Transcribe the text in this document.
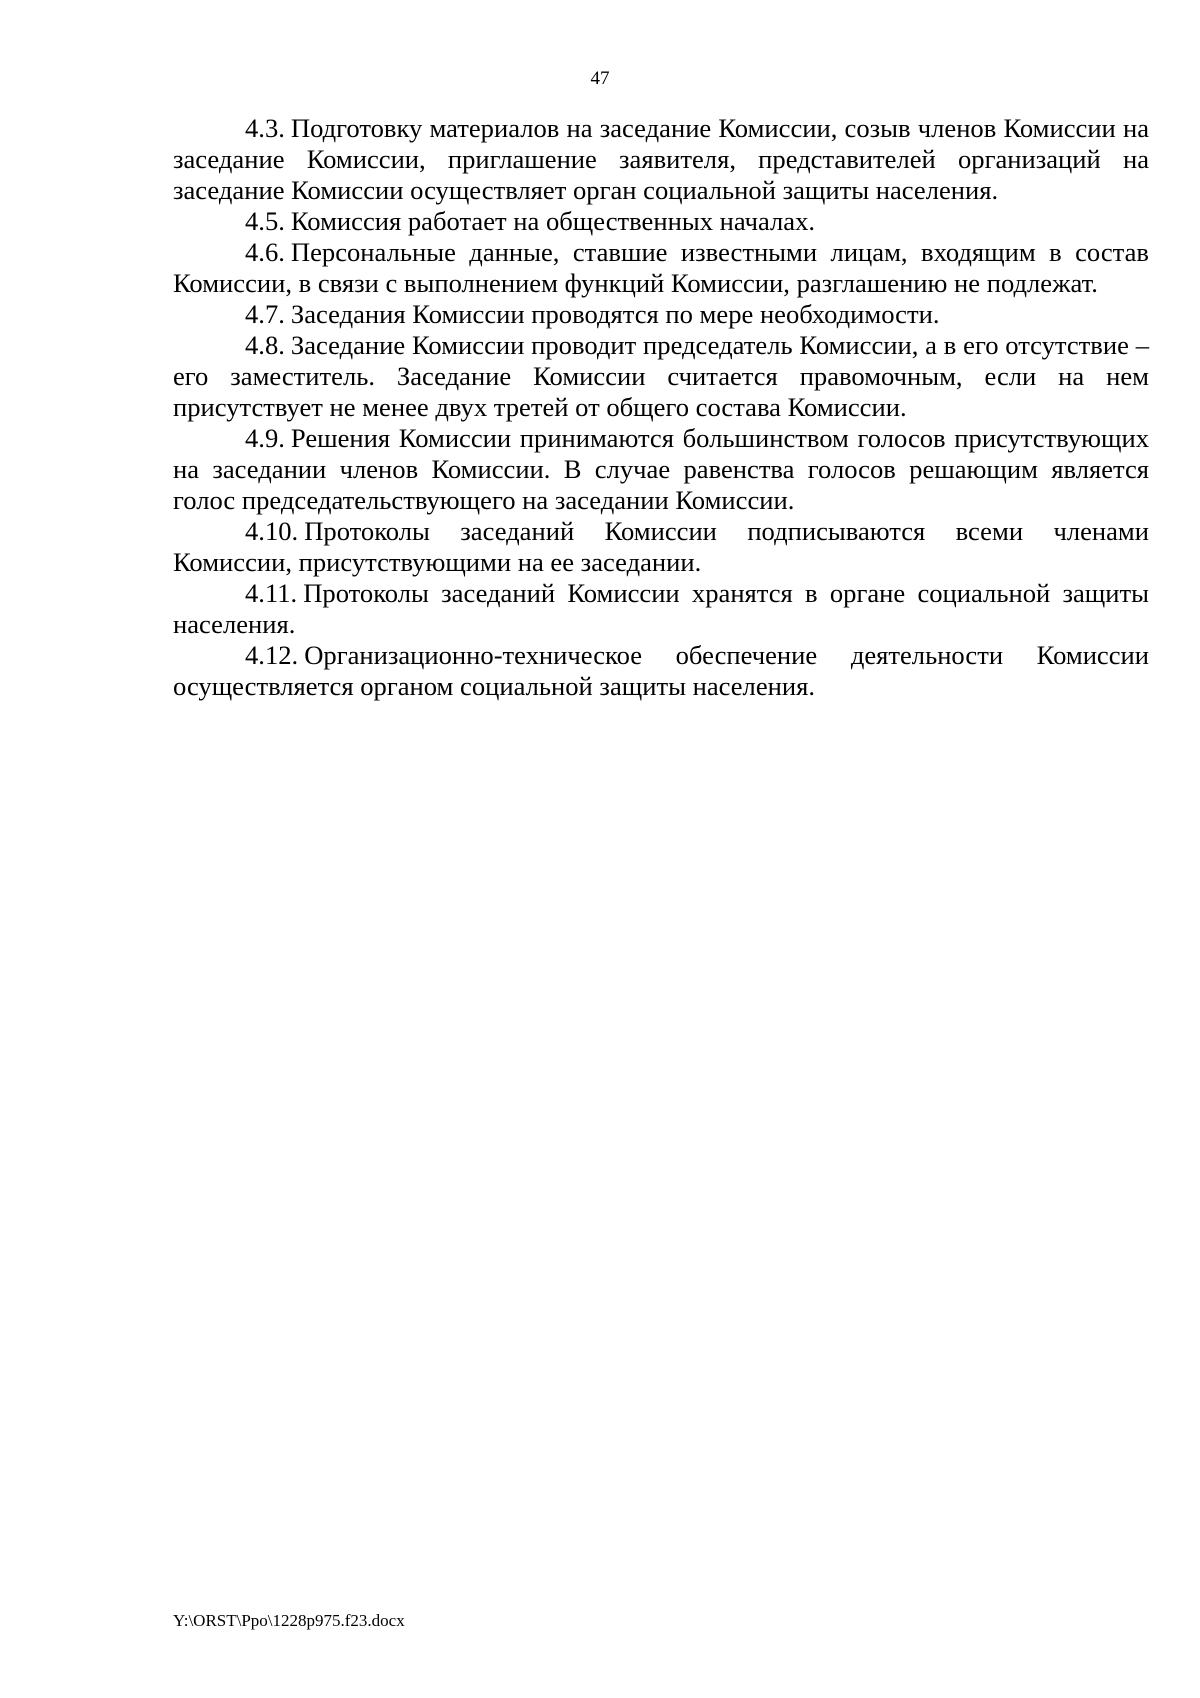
47

4.3. Подготовку материалов на заседание Комиссии, созыв членов Комиссии на заседание Комиссии, приглашение заявителя, представителей организаций на заседание Комиссии осуществляет орган социальной защиты населения.

4.5. Комиссия работает на общественных началах.

4.6. Персональные данные, ставшие известными лицам, входящим в состав Комиссии, в связи с выполнением функций Комиссии, разглашению не подлежат.

4.7. Заседания Комиссии проводятся по мере необходимости.

4.8. Заседание Комиссии проводит председатель Комиссии, а в его отсутствие – его заместитель. Заседание Комиссии считается правомочным, если на нем присутствует не менее двух третей от общего состава Комиссии.

4.9. Решения Комиссии принимаются большинством голосов присутствующих на заседании членов Комиссии. В случае равенства голосов решающим является голос председательствующего на заседании Комиссии.

4.10. Протоколы заседаний Комиссии подписываются всеми членами Комиссии, присутствующими на ее заседании.

4.11. Протоколы заседаний Комиссии хранятся в органе социальной защиты населения.

4.12. Организационно-техническое обеспечение деятельности Комиссии осуществляется органом социальной защиты населения.

Y:\ORST\Ppo\1228p975.f23.docx
